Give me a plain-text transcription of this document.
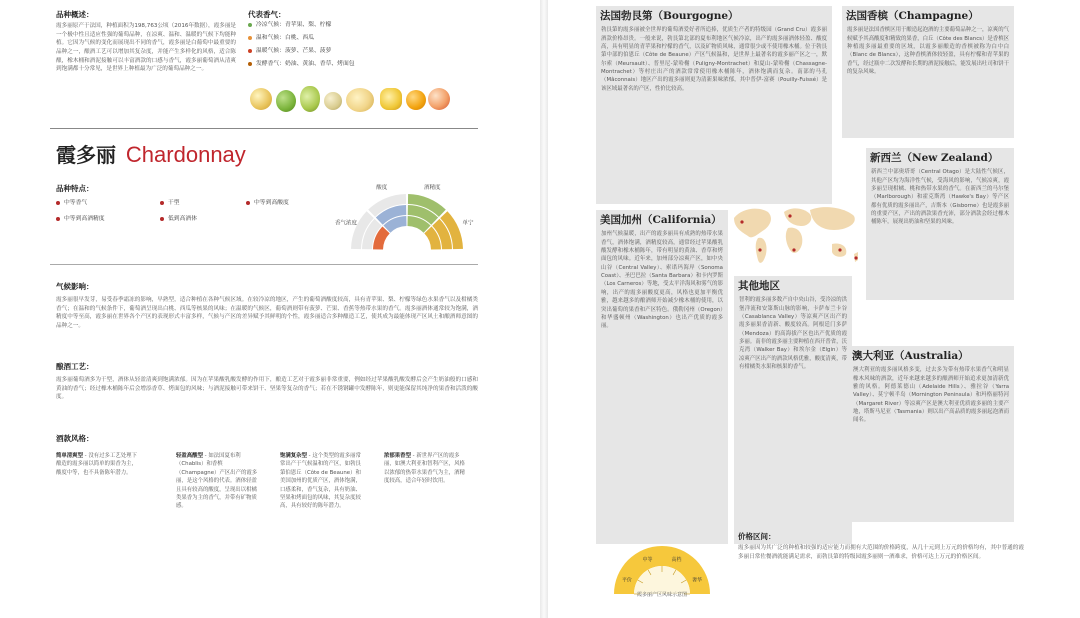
品种概述：
霞多丽原产于法国，种植面积为198,763公顷（2016年数据），霞多丽是一个极中性且适应性强的葡萄品种，在凉爽、温和、温暖的气候下均能种植。它因为气候的变化而展现出不同的香气，霞多丽是白葡萄中最重要的品种之一，酿酒工艺可以增加其复杂度，并能产生多样化的风格，适合陈酿，橡木桶和酒泥接触可以丰富酒款的口感与香气，霞多丽葡萄酒从清爽到饱满都十分常见，是世界上种植最为广泛的葡萄品种之一。
代表香气：
冷凉气候：青苹果、梨、柠檬
温和气候：白桃、西瓜
温暖气候：菠萝、芒果、菠萝
发酵香气：奶油、黄油、香草、烤面包
霞多丽 Chardonnay
品种特点：
中等香气	干型	中等到高酸度
中等到高酒精度	低到高酒体
酸度	酒精度
香气浓度	单宁
气候影响：
霞多丽很早发芽，易受春季霜冻的影响，早熟型，适合种植在各种气候区域。在较冷凉的地区，产生的葡萄酒酸度较高，具有青苹果、梨、柠檬等绿色水果香气以及柑橘类香气；在温和的气候条件下，葡萄酒呈现出白桃、西瓜等核果的风味；在温暖的气候区，葡萄酒则带有菠萝、芒果、香蕉等热带水果的香气。霞多丽酒体通常较为饱满，酒精度中等至高，霞多丽在世界各个产区的表现形式丰富多样，气候与产区的差异赋予其鲜明的个性，霞多丽适合多种酿造工艺，使其成为最能体现产区风土和酿酒师意图的品种之一。
酿酒工艺：
霞多丽葡萄酒多为干型，酒体从轻盈清爽到饱满浓郁。因为在苹果酸乳酸发酵的作用下，酿造工艺对于霞多丽非常重要，例如经过苹果酸乳酸发酵后会产生奶油般的口感和黄油的香气；经过橡木桶陈年后会增添香草、烤面包的风味；与酒泥接触可带来饼干、坚果等复杂的香气；若在不锈钢罐中发酵陈年，则更能保留其纯净的果香和活泼的酸度。
酒款风格：
简单清爽型 - 没有过多工艺处理下酿造的霞多丽以简单的果香为主，酸度中等，也不具备陈年潜力。
轻盈高酸型 - 如法国夏布利（Chablis）和香槟（Champagne）产区出产的霞多丽，是这个风格的代表。酒体轻盈且具有较高的酸度，呈现出以柑橘类果香为主的香气，并带有矿物质感。
饱满复杂型 - 这个类型的霞多丽常常出产于气候温和的产区，如勃艮第伯恩丘（Côte de Beaune）和美国加州的优质产区，酒体饱满，口感柔和，香气复杂，具有奶油、坚果和烤面包的风味，其复杂度较高，具有较好的陈年潜力。
浓郁果香型 - 新世界产区的霞多丽，如澳大利亚和智利产区，风格以浓郁的热带水果香气为主，酒精度较高，适合年轻时饮用。
法国勃艮第（Bourgogne）
勃艮第的霞多丽被全世界的葡萄酒爱好者所追捧，优质生产者的特级园（Grand Cru）霞多丽酒款价格昂贵。一般来说，勃艮第北部的夏布利地区气候冷凉，出产的霞多丽酒体轻盈、酸度高，具有明显的青苹果和柠檬的香气，以及矿物质风味，通常很少或不使用橡木桶。位于勃艮第中部的伯恩丘（Côte de Beaune）产区气候温和，是世界上最著名的霞多丽产区之一，默尔索（Meursault）、普里尼-蒙哈榭（Puligny-Montrachet）和夏山-蒙哈榭（Chassagne-Montrachet）等村庄出产的酒款常常使用橡木桶陈年，酒体饱满而复杂。南部的马孔（Mâconnais）地区产出的霞多丽则更为清新果味浓郁，其中普伊-富赛（Pouilly-Fuissé）是该区域最著名的产区，性价比较高。
法国香槟（Champagne）
霞多丽是法国香槟区用于酿造起泡酒的主要葡萄品种之一，凉爽的气候赋予其高酸度和精致的果香，白丘（Côte des Blancs）是香槟区种植霞多丽最重要的区域，以霞多丽酿造的香槟被称为白中白（Blanc de Blancs），这种香槟酒体较轻盈，具有柠檬和青苹果的香气，经过瓶中二次发酵和长期的酒泥接触后，能发展出吐司和饼干的复杂风味。
新西兰（New Zealand）
新西兰中部奥塔哥（Central Otago）是大陆性气候区，其他产区均为海洋性气候，受海风的影响，气候凉爽，霞多丽呈现柑橘、桃和热带水果的香气。在新西兰的马尔堡（Marlborough）和霍克斯湾（Hawke's Bay）等产区都有优质的霞多丽出产，吉斯本（Gisborne）也是霞多丽的重要产区，产出的酒款果香充沛，部分酒款会经过橡木桶陈年，展现出奶油和坚果的风味。
美国加州（California）
加州气候温暖，出产的霞多丽具有成熟的热带水果香气，酒体饱满，酒精度较高，通常经过苹果酸乳酸发酵和橡木桶陈年，带有明显的黄油、香草和烤面包的风味。近年来，加州部分凉爽产区，如中央山谷（Central Valley）、索诺玛海岸（Sonoma Coast）、圣巴巴拉（Santa Barbara）和卡内罗斯（Los Carneros）等地，受太平洋海风和雾气的影响，出产的霞多丽酸度更高，风格也更加平衡优雅，越来越多的酿酒师开始减少橡木桶的使用，以突出葡萄的果香和产区特色。俄勒冈州（Oregon）和华盛顿州（Washington）也出产优质的霞多丽。
其他地区
智利的霞多丽多数产自中央山谷，受冷凉的洪堡洋流和安第斯山脉的影响，卡萨布兰卡谷（Casablanca Valley）等凉爽产区出产的霞多丽果香清新、酸度较高。阿根廷门多萨（Mendoza）的高海拔产区也出产优质的霞多丽。南非的霞多丽主要种植在西开普省，沃克湾（Walker Bay）和埃尔金（Elgin）等凉爽产区出产的酒款风格优雅，酸度清爽，带有柑橘类水果和核果的香气。
澳大利亚（Australia）
澳大利亚的霞多丽风格多变，过去多为带有热带水果香气和明显橡木风味的酒款，近年来越来越多的酿酒师开始追求更加清新优雅的风格。阿德莱德山（Adelaide Hills）、雅拉谷（Yarra Valley）、莫宁顿半岛（Mornington Peninsula）和玛格丽特河（Margaret River）等凉爽产区是澳大利亚优质霞多丽的主要产地，塔斯马尼亚（Tasmania）则以出产高品质的霞多丽起泡酒而闻名。
价格区间：
霞多丽因为其广泛的种植和较强的适应能力而拥有大范围的价格跨度，从几十元到上万元的价格均有，其中普通的霞多丽日常佐餐酒就能满足需求，而勃艮第的特级园霞多丽则一酒难求，价格可达上万元的价格区间。
平价
中等	高档
奢华
霞多丽产区风味示意图
